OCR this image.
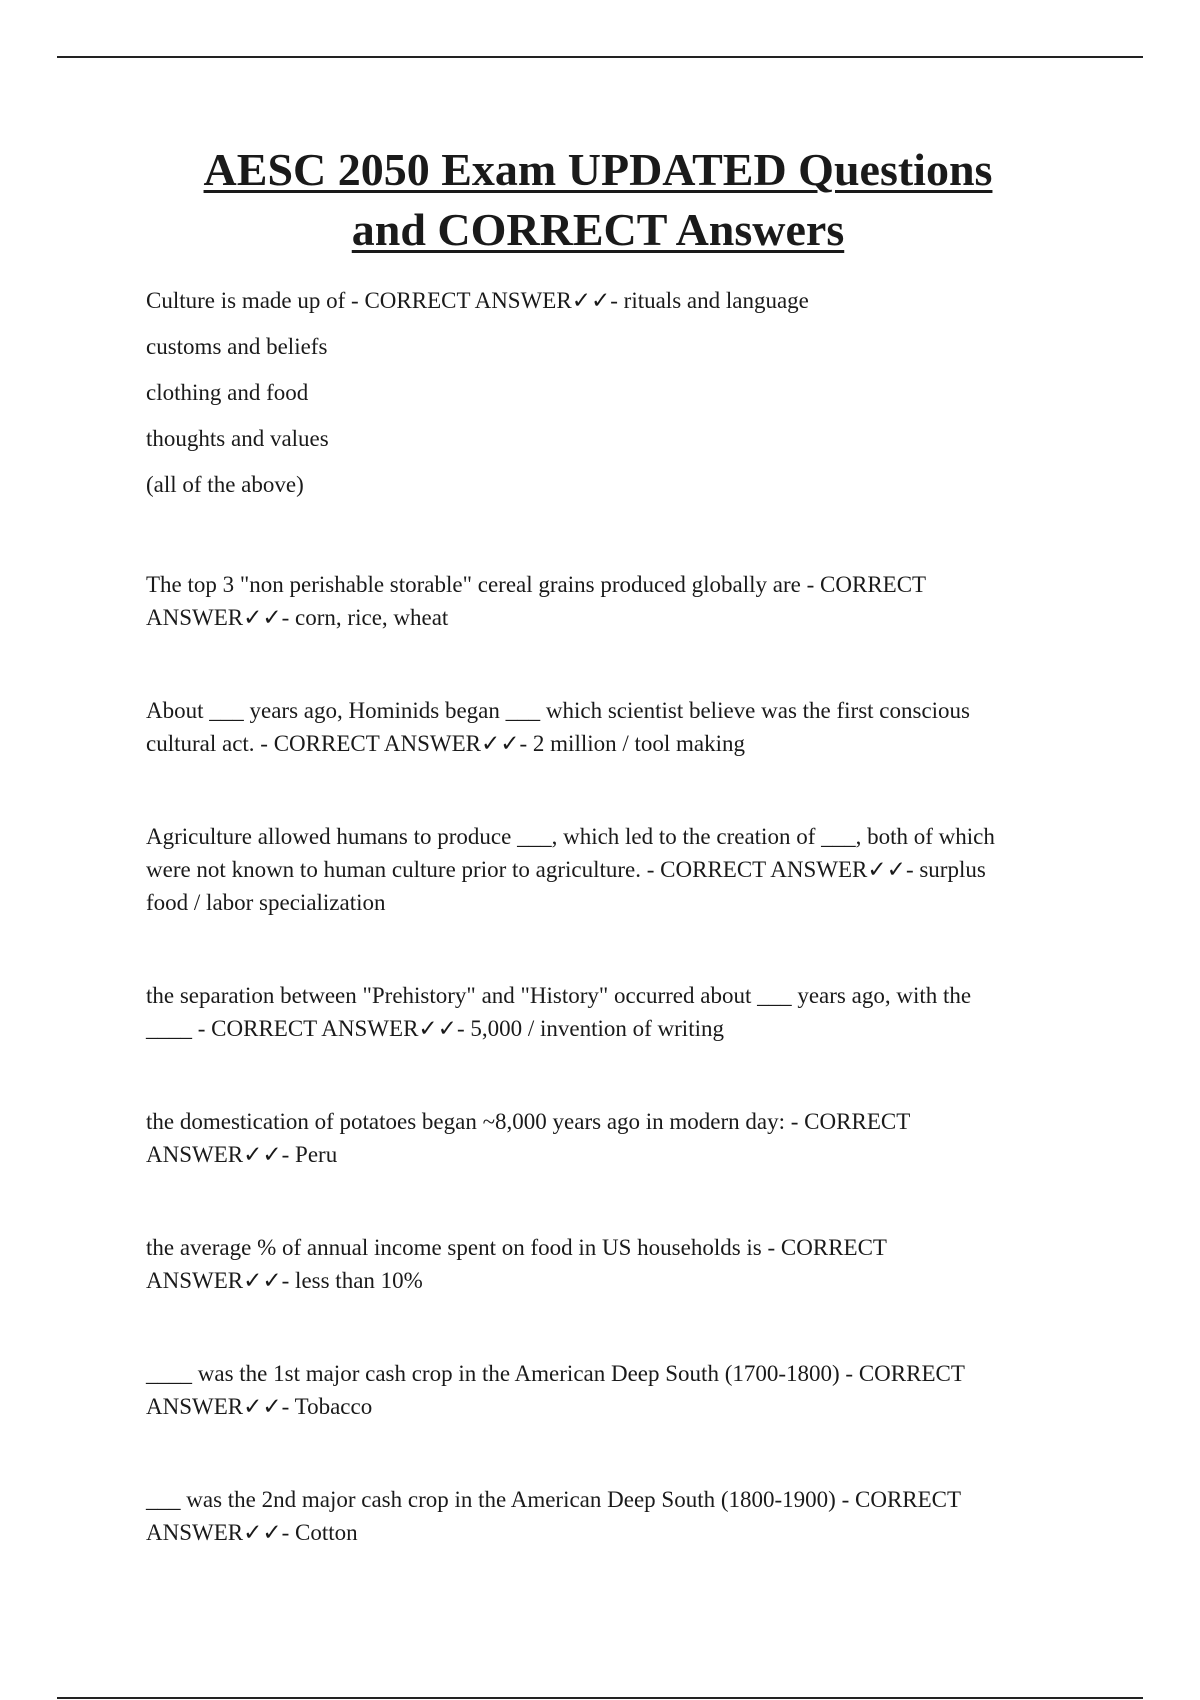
AESC 2050 Exam UPDATED Questions
and CORRECT Answers

Culture is made up of - CORRECT ANSWER✓✓- rituals and language
customs and beliefs
clothing and food
thoughts and values
(all of the above)

The top 3 "non perishable storable" cereal grains produced globally are - CORRECT
ANSWER✓✓- corn, rice, wheat

About ___ years ago, Hominids began ___ which scientist believe was the first conscious
cultural act. - CORRECT ANSWER✓✓- 2 million / tool making

Agriculture allowed humans to produce ___, which led to the creation of ___, both of which
were not known to human culture prior to agriculture. - CORRECT ANSWER✓✓- surplus
food / labor specialization

the separation between "Prehistory" and "History" occurred about ___ years ago, with the
____ - CORRECT ANSWER✓✓- 5,000 / invention of writing

the domestication of potatoes began ~8,000 years ago in modern day: - CORRECT
ANSWER✓✓- Peru

the average % of annual income spent on food in US households is - CORRECT
ANSWER✓✓- less than 10%

____ was the 1st major cash crop in the American Deep South (1700-1800) - CORRECT
ANSWER✓✓- Tobacco

___ was the 2nd major cash crop in the American Deep South (1800-1900) - CORRECT
ANSWER✓✓- Cotton
